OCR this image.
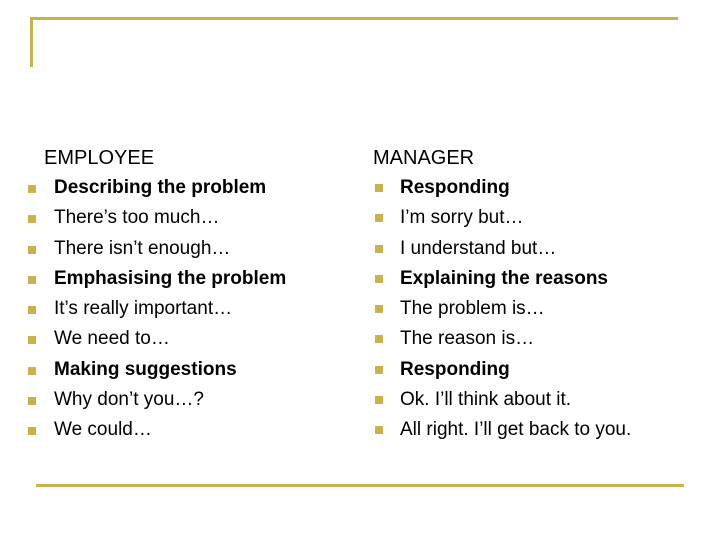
EMPLOYEE
Describing the problem
There’s too much…
There isn’t enough…
Emphasising the problem
It’s really important…
We need to…
Making suggestions
Why don’t you…?
We could…
MANAGER
Responding
I’m sorry but…
I understand but…
Explaining the reasons
The problem is…
The reason is…
Responding
Ok. I’ll think about it.
All right. I’ll get back to you.
